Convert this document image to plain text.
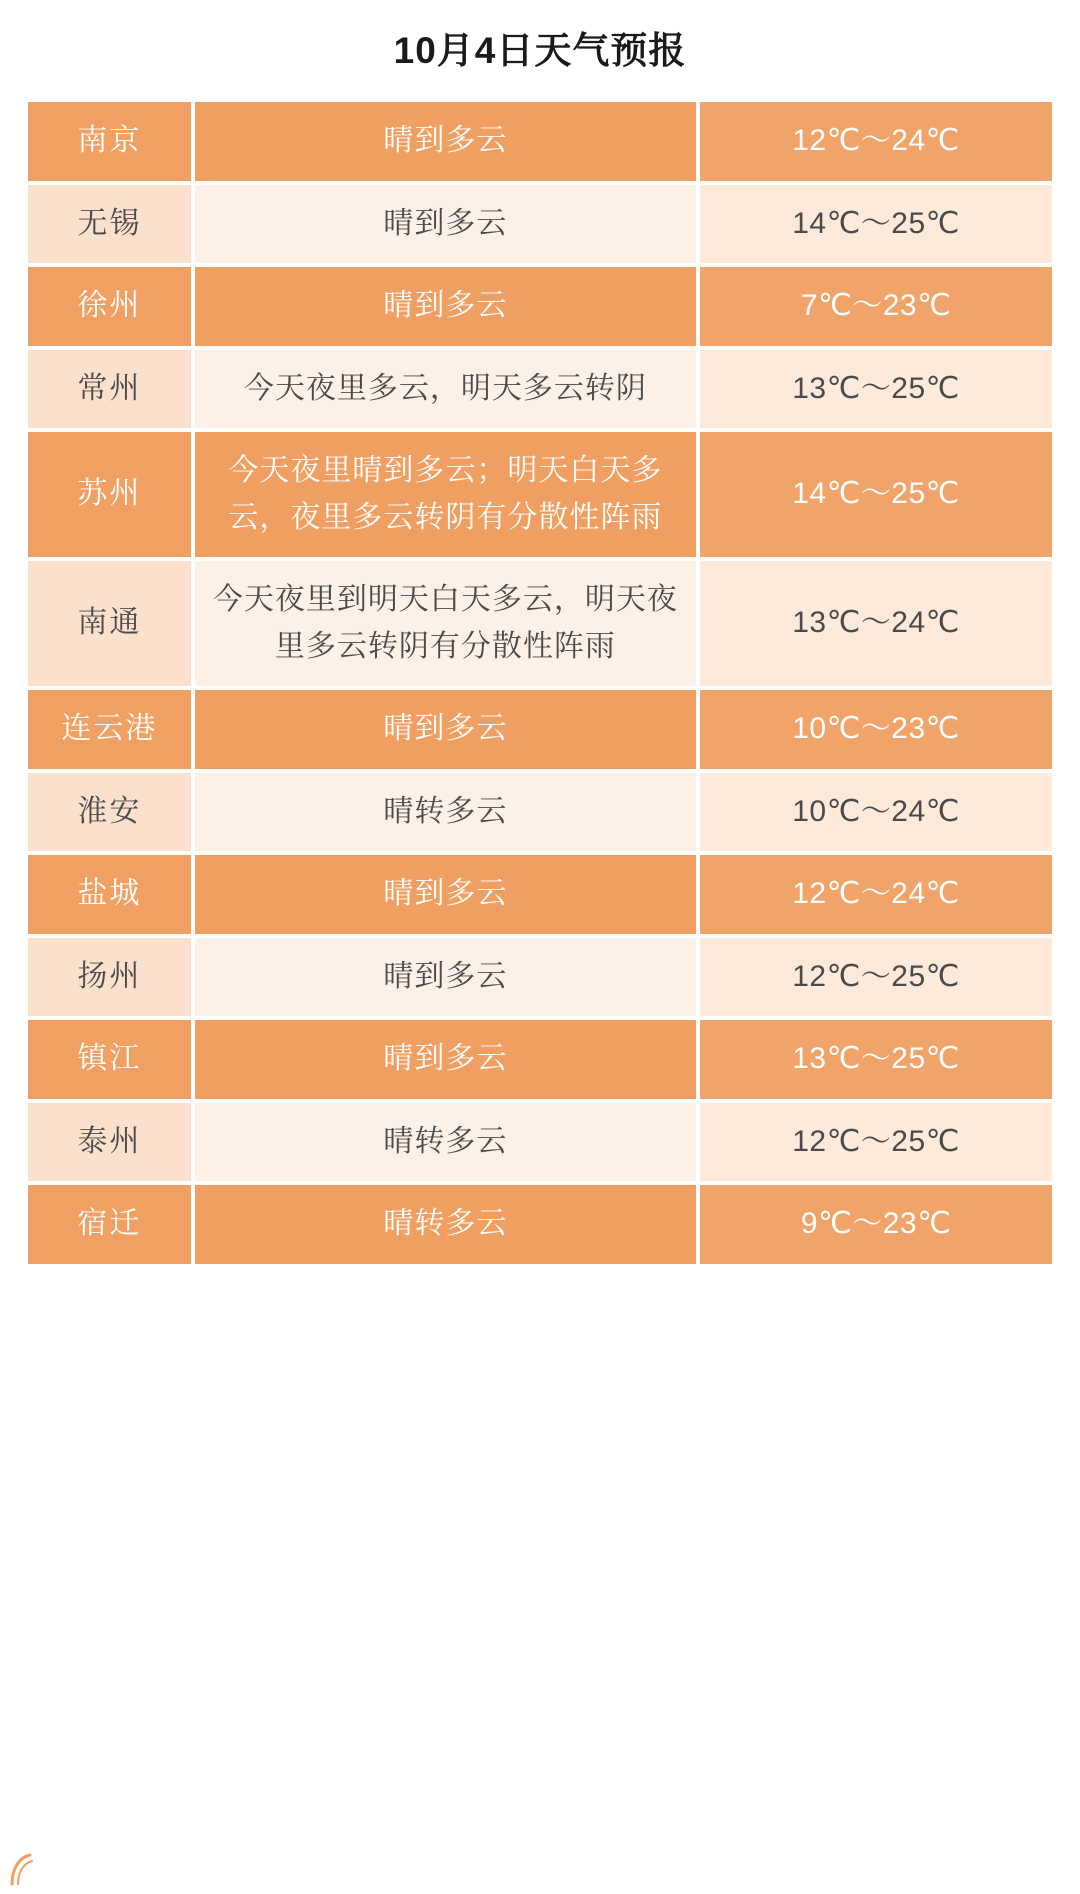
10月4日天气预报
南京	晴到多云	12℃～24℃
无锡	晴到多云	14℃～25℃
徐州	晴到多云	7℃～23℃
常州	今天夜里多云，明天多云转阴	13℃～25℃
苏州	今天夜里晴到多云；明天白天多云，夜里多云转阴有分散性阵雨	14℃～25℃
南通	今天夜里到明天白天多云，明天夜里多云转阴有分散性阵雨	13℃～24℃
连云港	晴到多云	10℃～23℃
淮安	晴转多云	10℃～24℃
盐城	晴到多云	12℃～24℃
扬州	晴到多云	12℃～25℃
镇江	晴到多云	13℃～25℃
泰州	晴转多云	12℃～25℃
宿迁	晴转多云	9℃～23℃
